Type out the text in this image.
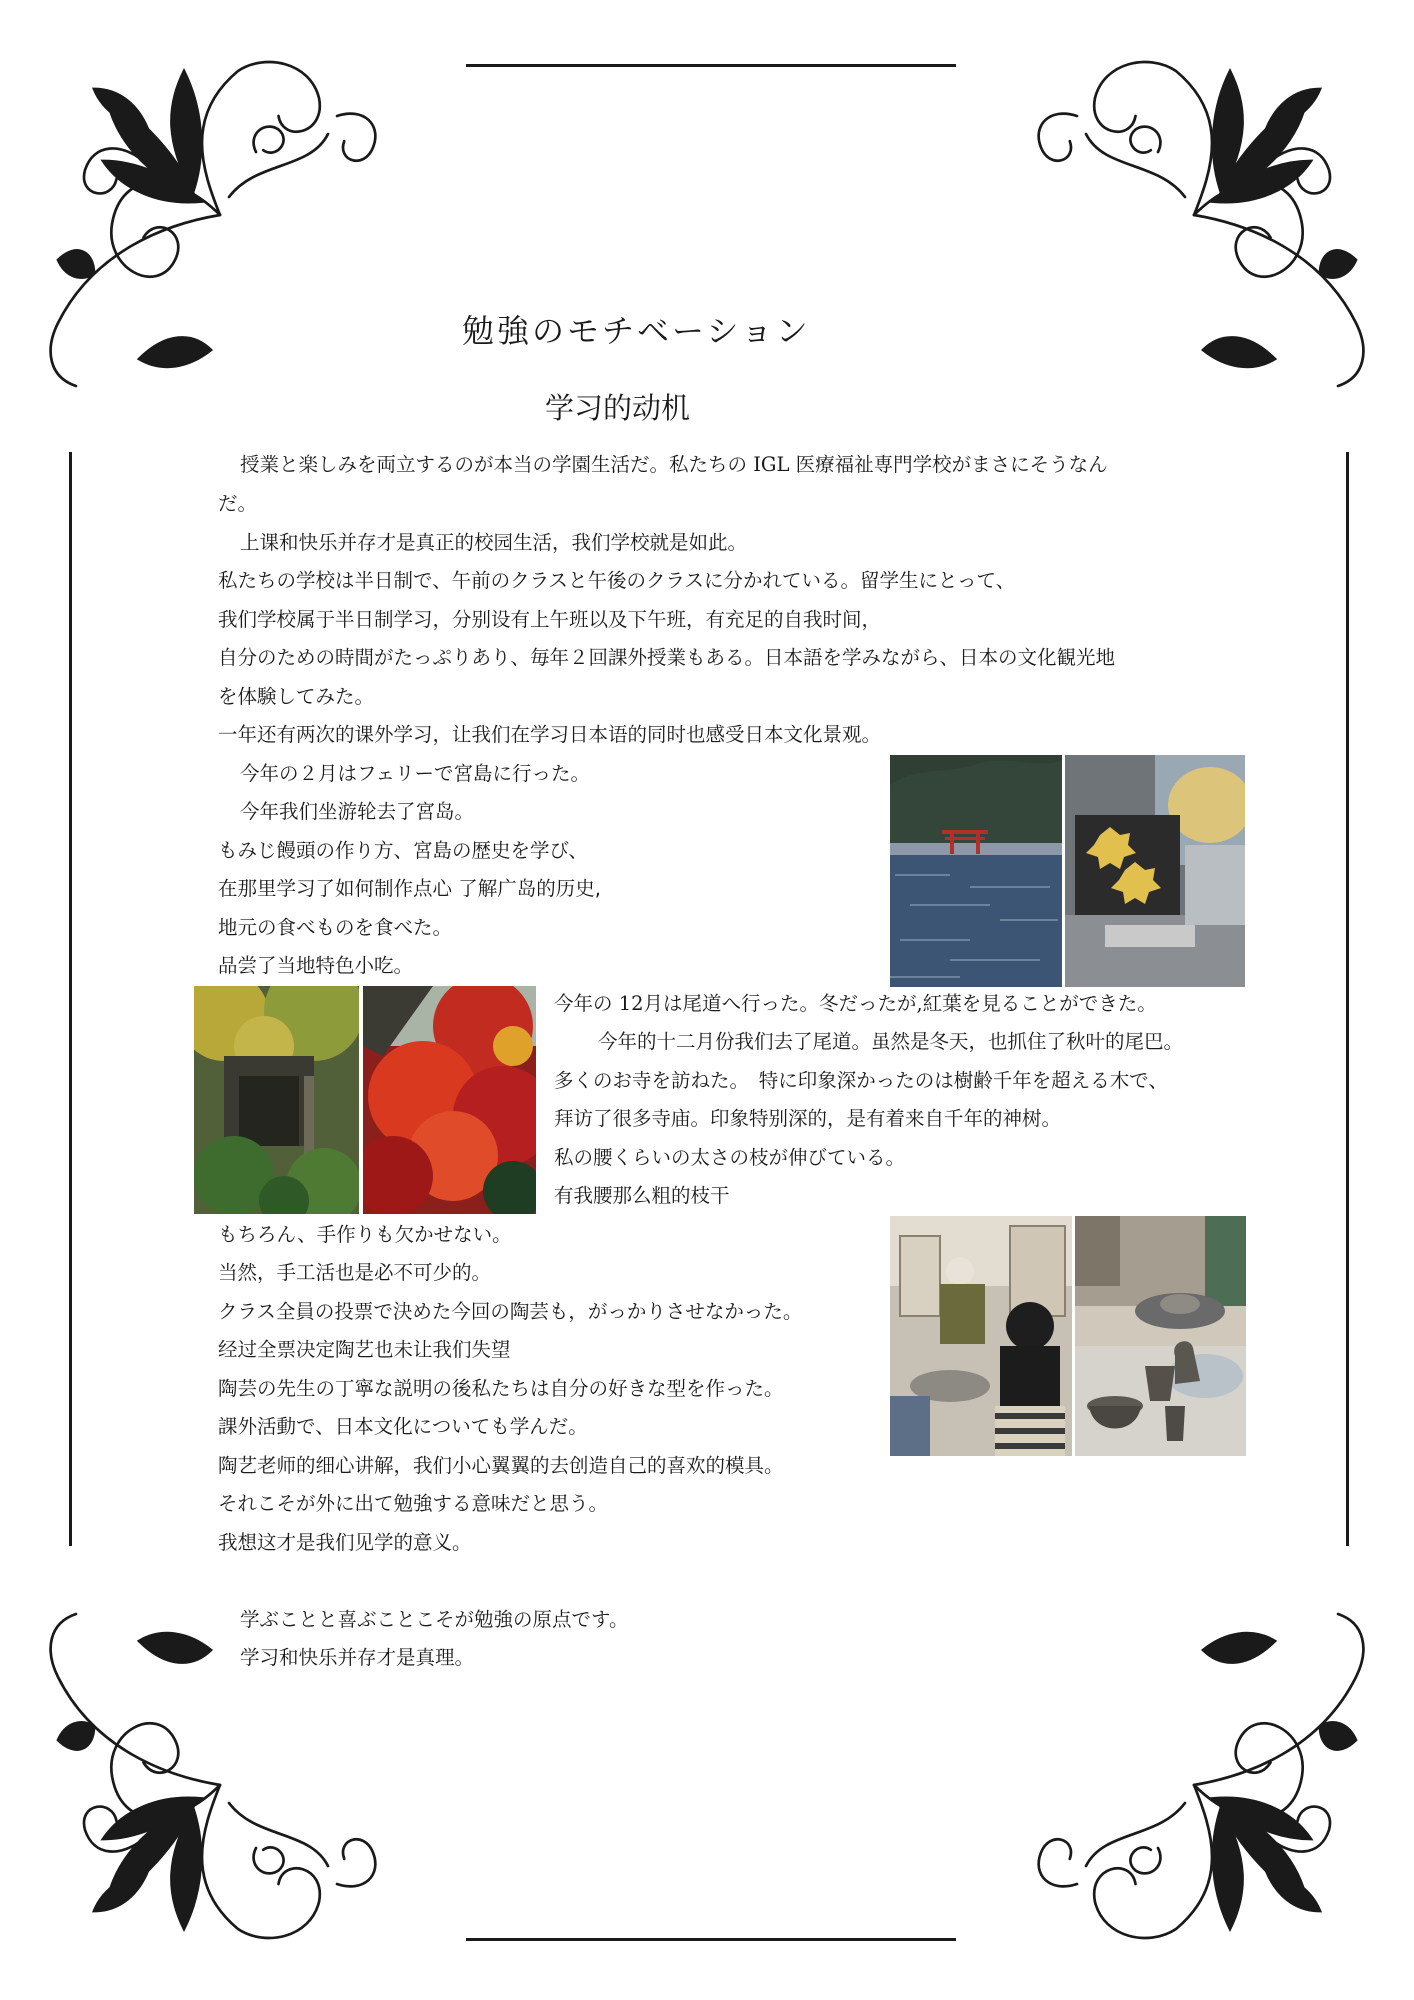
勉強のモチベーション
学习的动机
授業と楽しみを両立するのが本当の学園生活だ。私たちの IGL 医療福祉専門学校がまさにそうなん
だ。
上课和快乐并存才是真正的校园生活，我们学校就是如此。
私たちの学校は半日制で、午前のクラスと午後のクラスに分かれている。留学生にとって、
我们学校属于半日制学习，分别设有上午班以及下午班，有充足的自我时间，
自分のための時間がたっぷりあり、毎年２回課外授業もある。日本語を学みながら、日本の文化観光地
を体験してみた。
一年还有两次的课外学习，让我们在学习日本语的同时也感受日本文化景观。
今年の２月はフェリーで宮島に行った。
今年我们坐游轮去了宮岛。
もみじ饅頭の作り方、宮島の歴史を学び、
在那里学习了如何制作点心 了解广岛的历史,
地元の食べものを食べた。
品尝了当地特色小吃。
今年の 12月は尾道へ行った。冬だったが,紅葉を見ることができた。
今年的十二月份我们去了尾道。虽然是冬天，也抓住了秋叶的尾巴。
多くのお寺を訪ねた。　特に印象深かったのは樹齢千年を超える木で、
拜访了很多寺庙。印象特别深的，是有着来自千年的神树。
私の腰くらいの太さの枝が伸びている。
有我腰那么粗的枝干
もちろん、手作りも欠かせない。
当然，手工活也是必不可少的。
クラス全員の投票で決めた今回の陶芸も，がっかりさせなかった。
经过全票决定陶艺也未让我们失望
陶芸の先生の丁寧な説明の後私たちは自分の好きな型を作った。
課外活動で、日本文化についても学んだ。
陶艺老师的细心讲解，我们小心翼翼的去创造自己的喜欢的模具。
それこそが外に出て勉強する意味だと思う。
我想这才是我们见学的意义。
学ぶことと喜ぶことこそが勉強の原点です。
学习和快乐并存才是真理。
